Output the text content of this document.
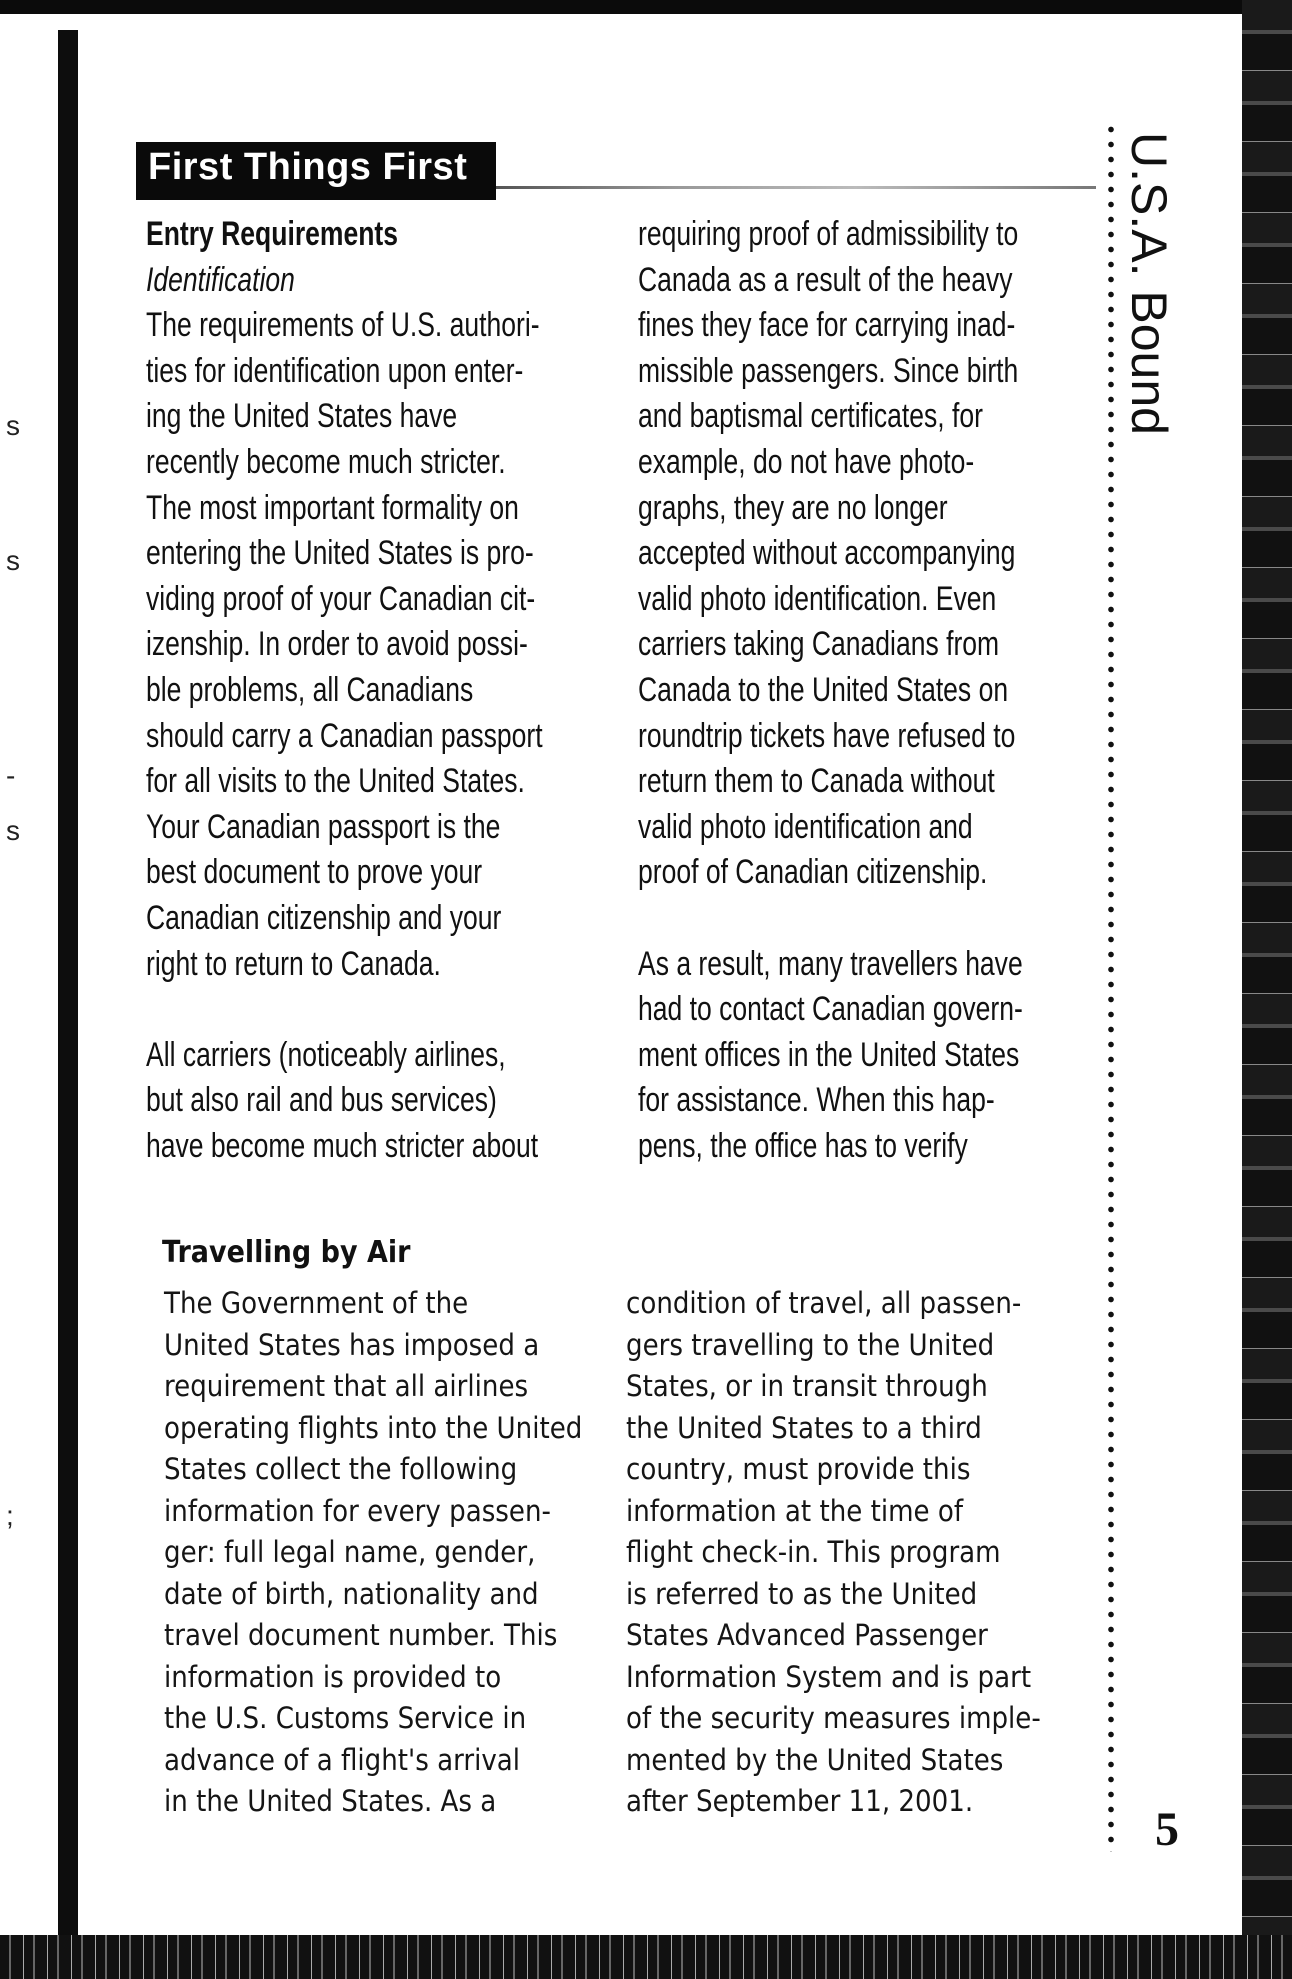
s
s
-
s
;
First Things First	U.S.A. Bound
5
Entry Requirements
Identification
The requirements of U.S. authori-
ties for identification upon enter-
ing the United States have
recently become much stricter.
The most important formality on
entering the United States is pro-
viding proof of your Canadian cit-
izenship. In order to avoid possi-
ble problems, all Canadians
should carry a Canadian passport
for all visits to the United States.
Your Canadian passport is the
best document to prove your
Canadian citizenship and your
right to return to Canada.
All carriers (noticeably airlines,
but also rail and bus services)
have become much stricter about
requiring proof of admissibility to
Canada as a result of the heavy
fines they face for carrying inad-
missible passengers. Since birth
and baptismal certificates, for
example, do not have photo-
graphs, they are no longer
accepted without accompanying
valid photo identification. Even
carriers taking Canadians from
Canada to the United States on
roundtrip tickets have refused to
return them to Canada without
valid photo identification and
proof of Canadian citizenship.
As a result, many travellers have
had to contact Canadian govern-
ment offices in the United States
for assistance. When this hap-
pens, the office has to verify
Travelling by Air
The Government of the
United States has imposed a
requirement that all airlines
operating flights into the United
States collect the following
information for every passen-
ger: full legal name, gender,
date of birth, nationality and
travel document number. This
information is provided to
the U.S. Customs Service in
advance of a flight's arrival
in the United States. As a
condition of travel, all passen-
gers travelling to the United
States, or in transit through
the United States to a third
country, must provide this
information at the time of
flight check-in. This program
is referred to as the United
States Advanced Passenger
Information System and is part
of the security measures imple-
mented by the United States
after September 11, 2001.
